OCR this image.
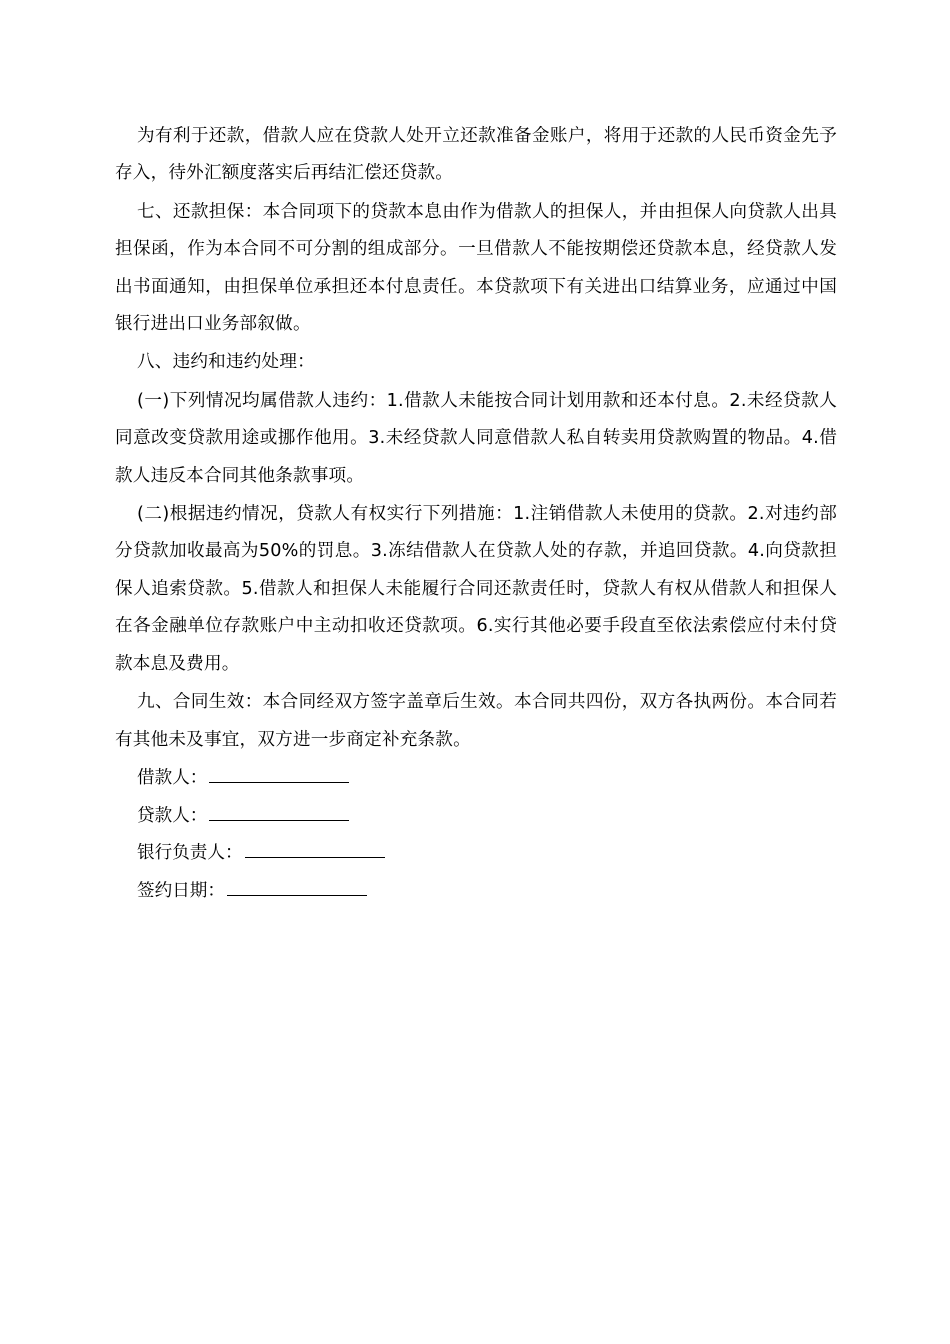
为有利于还款，借款人应在贷款人处开立还款准备金账户，将用于还款的人民币资金先予存入，待外汇额度落实后再结汇偿还贷款。

七、还款担保：本合同项下的贷款本息由作为借款人的担保人，并由担保人向贷款人出具担保函，作为本合同不可分割的组成部分。一旦借款人不能按期偿还贷款本息，经贷款人发出书面通知，由担保单位承担还本付息责任。本贷款项下有关进出口结算业务，应通过中国银行进出口业务部叙做。

八、违约和违约处理：

(一)下列情况均属借款人违约：1.借款人未能按合同计划用款和还本付息。2.未经贷款人同意改变贷款用途或挪作他用。3.未经贷款人同意借款人私自转卖用贷款购置的物品。4.借款人违反本合同其他条款事项。

(二)根据违约情况，贷款人有权实行下列措施：1.注销借款人未使用的贷款。2.对违约部分贷款加收最高为50%的罚息。3.冻结借款人在贷款人处的存款，并追回贷款。4.向贷款担保人追索贷款。5.借款人和担保人未能履行合同还款责任时，贷款人有权从借款人和担保人在各金融单位存款账户中主动扣收还贷款项。6.实行其他必要手段直至依法索偿应付未付贷款本息及费用。

九、合同生效：本合同经双方签字盖章后生效。本合同共四份，双方各执两份。本合同若有其他未及事宜，双方进一步商定补充条款。

借款人：
贷款人：
银行负责人：
签约日期：
